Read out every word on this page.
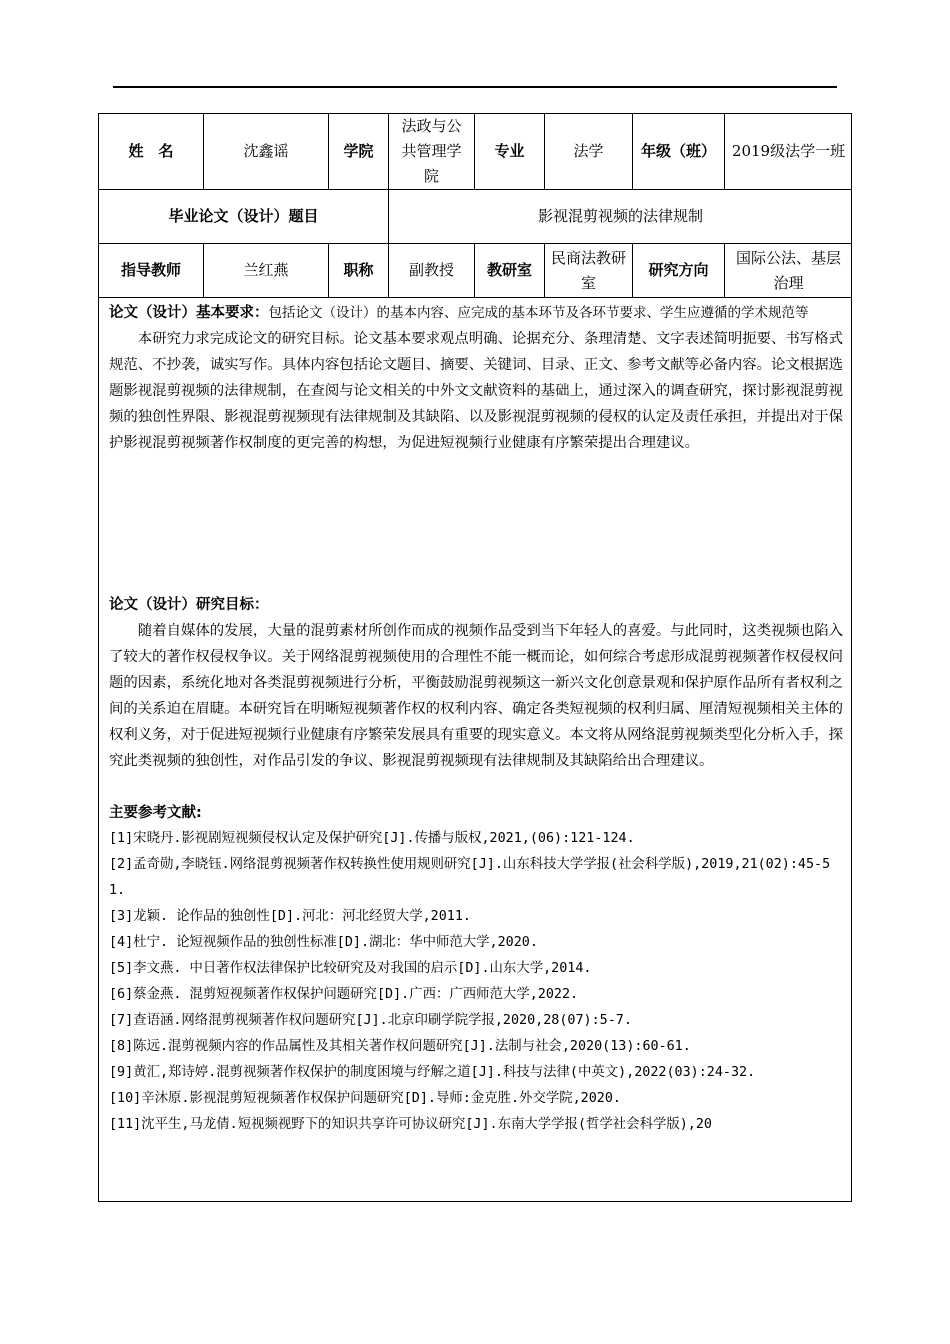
姓　名	沈鑫谣	学院	法政与公共管理学院	专业	法学	年级（班）	2019级法学一班
毕业论文（设计）题目			影视混剪视频的法律规制				
指导教师	兰红燕	职称	副教授	教研室	民商法教研室	研究方向	国际公法、基层治理
论文（设计）基本要求：包括论文（设计）的基本内容、应完成的基本环节及各环节要求、学生应遵循的学术规范等

本研究力求完成论文的研究目标。论文基本要求观点明确、论据充分、条理清楚、文字表述简明扼要、书写格式规范、不抄袭，诚实写作。具体内容包括论文题目、摘要、关键词、目录、正文、参考文献等必备内容。论文根据选题影视混剪视频的法律规制，在查阅与论文相关的中外文文献资料的基础上，通过深入的调查研究，探讨影视混剪视频的独创性界限、影视混剪视频现有法律规制及其缺陷、以及影视混剪视频的侵权的认定及责任承担，并提出对于保护影视混剪视频著作权制度的更完善的构想，为促进短视频行业健康有序繁荣提出合理建议。

论文（设计）研究目标：

随着自媒体的发展，大量的混剪素材所创作而成的视频作品受到当下年轻人的喜爱。与此同时，这类视频也陷入了较大的著作权侵权争议。关于网络混剪视频使用的合理性不能一概而论，如何综合考虑形成混剪视频著作权侵权问题的因素，系统化地对各类混剪视频进行分析，平衡鼓励混剪视频这一新兴文化创意景观和保护原作品所有者权利之间的关系迫在眉睫。本研究旨在明晰短视频著作权的权利内容、确定各类短视频的权利归属、厘清短视频相关主体的权利义务，对于促进短视频行业健康有序繁荣发展具有重要的现实意义。本文将从网络混剪视频类型化分析入手，探究此类视频的独创性，对作品引发的争议、影视混剪视频现有法律规制及其缺陷给出合理建议。

主要参考文献:

[1]宋晓丹.影视剧短视频侵权认定及保护研究[J].传播与版权,2021,(06):121-124.

[2]孟奇勋,李晓钰.网络混剪视频著作权转换性使用规则研究[J].山东科技大学学报(社会科学版),2019,21(02):45-51.

[3]龙颖. 论作品的独创性[D].河北：河北经贸大学,2011.

[4]杜宁. 论短视频作品的独创性标准[D].湖北：华中师范大学,2020.

[5]李文燕. 中日著作权法律保护比较研究及对我国的启示[D].山东大学,2014.

[6]蔡金燕. 混剪短视频著作权保护问题研究[D].广西：广西师范大学,2022.

[7]查语涵.网络混剪视频著作权问题研究[J].北京印刷学院学报,2020,28(07):5-7.

[8]陈远.混剪视频内容的作品属性及其相关著作权问题研究[J].法制与社会,2020(13):60-61.

[9]黄汇,郑诗婷.混剪视频著作权保护的制度困境与纾解之道[J].科技与法律(中英文),2022(03):24-32.

[10]辛沐原.影视混剪短视频著作权保护问题研究[D].导师:金克胜.外交学院,2020.

[11]沈平生,马龙倩.短视频视野下的知识共享许可协议研究[J].东南大学学报(哲学社会科学版),20
